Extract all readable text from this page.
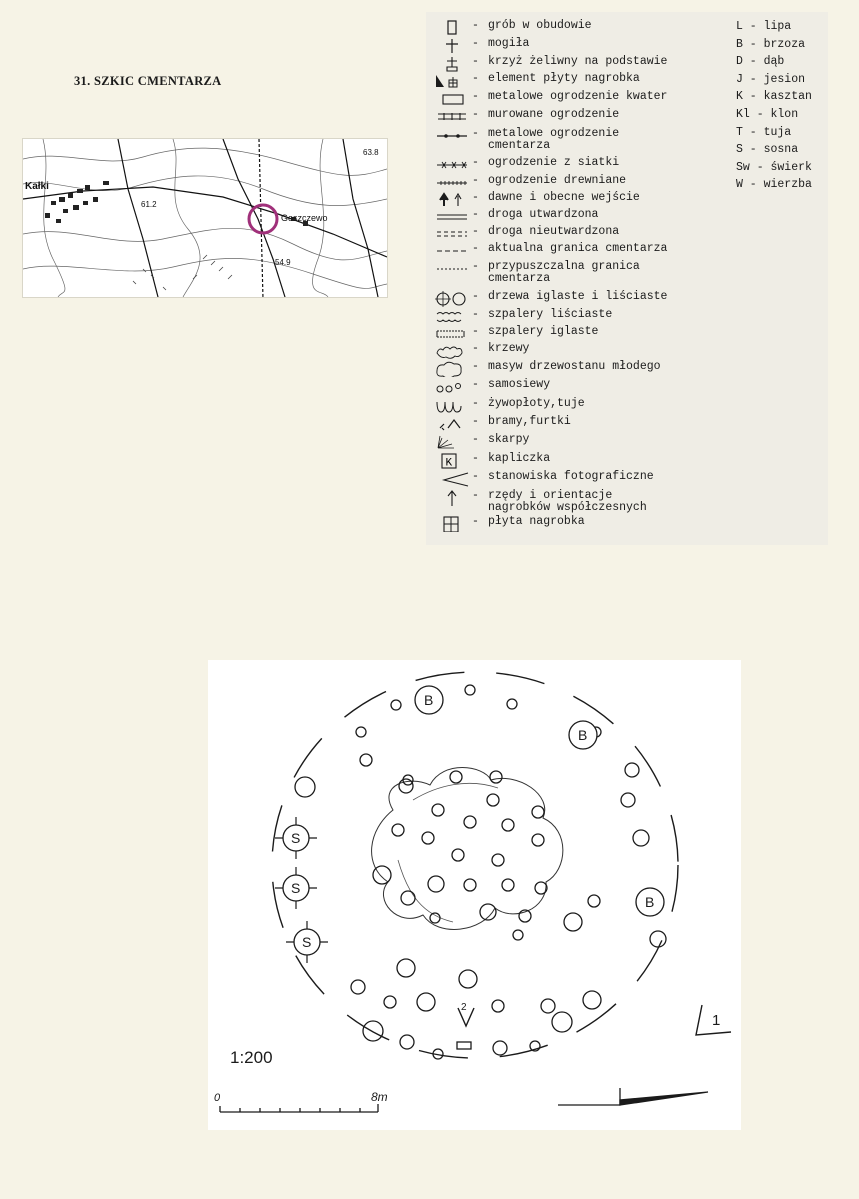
31. SZKIC CMENTARZA
Kałki
Goszczewo
63.8
61.2
54.9
- grób w obudowie
- mogiła
- krzyż żeliwny na podstawie
- element płyty nagrobka
- metalowe ogrodzenie kwater
- murowane ogrodzenie
- metalowe ogrodzenie
cmentarza
- ogrodzenie z siatki
- ogrodzenie drewniane
- dawne i obecne wejście
- droga utwardzona
- droga nieutwardzona
- aktualna granica cmentarza
- przypuszczalna granica
cmentarza
- drzewa iglaste i liściaste
- szpalery liściaste
- szpalery iglaste
- krzewy
- masyw drzewostanu młodego
- samosiewy
- żywopłoty,tuje
- bramy,furtki
- skarpy
K - kapliczka
- stanowiska fotograficzne
- rzędy i orientacje
nagrobków współczesnych
- płyta nagrobka
L - lipa
B - brzoza
D - dąb
J - jesion
K - kasztan
Kl - klon
T - tuja
S - sosna
Sw - świerk
W - wierzba
B
B
B
S
S
S
2
1:200
0	8m
1
